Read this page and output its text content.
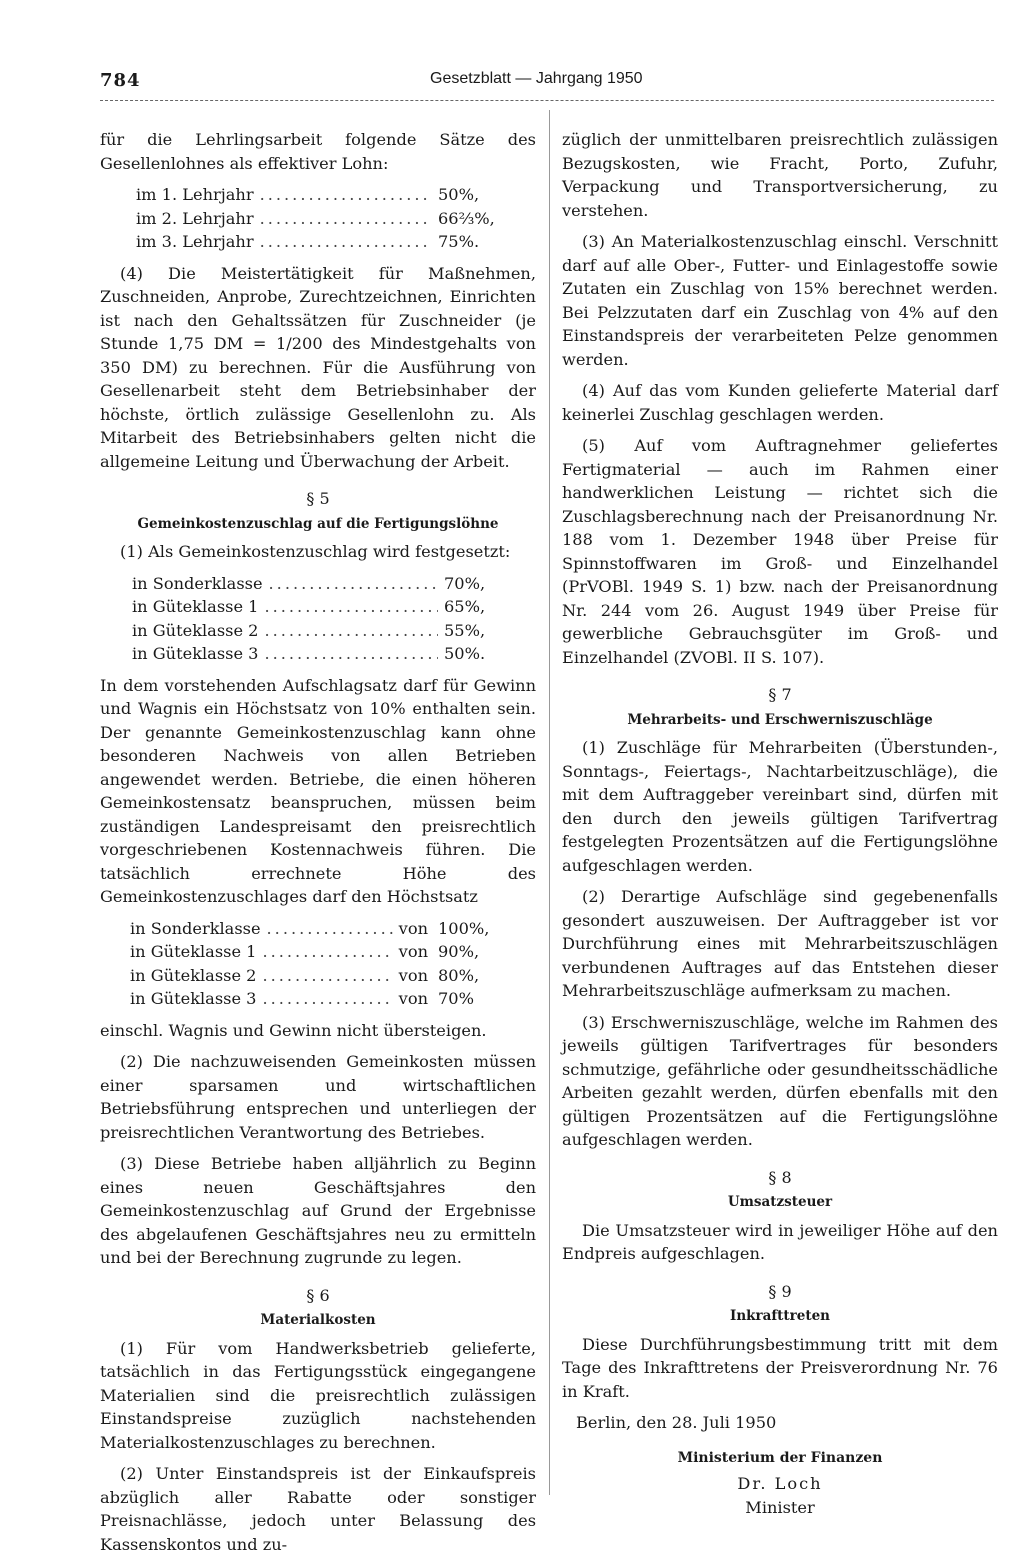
784	Gesetzblatt — Jahrgang 1950

für die Lehrlingsarbeit folgende Sätze des Gesellenlohnes als effektiver Lohn:

im 1. Lehrjahr .....	50%,
im 2. Lehrjahr .....	66⅔%,
im 3. Lehrjahr .....	75%.

(4) Die Meistertätigkeit für Maßnehmen, Zuschneiden, Anprobe, Zurechtzeichnen, Einrichten ist nach den Gehaltssätzen für Zuschneider (je Stunde 1,75 DM = 1/200 des Mindestgehalts von 350 DM) zu berechnen. Für die Ausführung von Gesellenarbeit steht dem Betriebsinhaber der höchste, örtlich zulässige Gesellenlohn zu. Als Mitarbeit des Betriebsinhabers gelten nicht die allgemeine Leitung und Überwachung der Arbeit.

§ 5
Gemeinkostenzuschlag auf die Fertigungslöhne

(1) Als Gemeinkostenzuschlag wird festgesetzt:

in Sonderklasse .....	70%,
in Güteklasse 1 .....	65%,
in Güteklasse 2 .....	55%,
in Güteklasse 3 .....	50%.

In dem vorstehenden Aufschlagsatz darf für Gewinn und Wagnis ein Höchstsatz von 10% enthalten sein. Der genannte Gemeinkostenzuschlag kann ohne besonderen Nachweis von allen Betrieben angewendet werden. Betriebe, die einen höheren Gemeinkostensatz beanspruchen, müssen beim zuständigen Landespreisamt den preisrechtlich vorgeschriebenen Kostennachweis führen. Die tatsächlich errechnete Höhe des Gemeinkostenzuschlages darf den Höchstsatz

in Sonderklasse .....	von 100%,
in Güteklasse 1 .....	von 90%,
in Güteklasse 2 .....	von 80%,
in Güteklasse 3 .....	von 70%

einschl. Wagnis und Gewinn nicht übersteigen.

(2) Die nachzuweisenden Gemeinkosten müssen einer sparsamen und wirtschaftlichen Betriebsführung entsprechen und unterliegen der preisrechtlichen Verantwortung des Betriebes.

(3) Diese Betriebe haben alljährlich zu Beginn eines neuen Geschäftsjahres den Gemeinkostenzuschlag auf Grund der Ergebnisse des abgelaufenen Geschäftsjahres neu zu ermitteln und bei der Berechnung zugrunde zu legen.

§ 6
Materialkosten

(1) Für vom Handwerksbetrieb gelieferte, tatsächlich in das Fertigungsstück eingegangene Materialien sind die preisrechtlich zulässigen Einstandspreise zuzüglich nachstehenden Materialkostenzuschlages zu berechnen.

(2) Unter Einstandspreis ist der Einkaufspreis abzüglich aller Rabatte oder sonstiger Preisnachlässe, jedoch unter Belassung des Kassenskontos und zu-

züglich der unmittelbaren preisrechtlich zulässigen Bezugskosten, wie Fracht, Porto, Zufuhr, Verpackung und Transportversicherung, zu verstehen.

(3) An Materialkostenzuschlag einschl. Verschnitt darf auf alle Ober-, Futter- und Einlagestoffe sowie Zutaten ein Zuschlag von 15% berechnet werden. Bei Pelzzutaten darf ein Zuschlag von 4% auf den Einstandspreis der verarbeiteten Pelze genommen werden.

(4) Auf das vom Kunden gelieferte Material darf keinerlei Zuschlag geschlagen werden.

(5) Auf vom Auftragnehmer geliefertes Fertigmaterial — auch im Rahmen einer handwerklichen Leistung — richtet sich die Zuschlagsberechnung nach der Preisanordnung Nr. 188 vom 1. Dezember 1948 über Preise für Spinnstoffwaren im Groß- und Einzelhandel (PrVOBl. 1949 S. 1) bzw. nach der Preisanordnung Nr. 244 vom 26. August 1949 über Preise für gewerbliche Gebrauchsgüter im Groß- und Einzelhandel (ZVOBl. II S. 107).

§ 7
Mehrarbeits- und Erschwerniszuschläge

(1) Zuschläge für Mehrarbeiten (Überstunden-, Sonntags-, Feiertags-, Nachtarbeitzuschläge), die mit dem Auftraggeber vereinbart sind, dürfen mit den durch den jeweils gültigen Tarifvertrag festgelegten Prozentsätzen auf die Fertigungslöhne aufgeschlagen werden.

(2) Derartige Aufschläge sind gegebenenfalls gesondert auszuweisen. Der Auftraggeber ist vor Durchführung eines mit Mehrarbeitszuschlägen verbundenen Auftrages auf das Entstehen dieser Mehrarbeitszuschläge aufmerksam zu machen.

(3) Erschwerniszuschläge, welche im Rahmen des jeweils gültigen Tarifvertrages für besonders schmutzige, gefährliche oder gesundheitsschädliche Arbeiten gezahlt werden, dürfen ebenfalls mit den gültigen Prozentsätzen auf die Fertigungslöhne aufgeschlagen werden.

§ 8
Umsatzsteuer

Die Umsatzsteuer wird in jeweiliger Höhe auf den Endpreis aufgeschlagen.

§ 9
Inkrafttreten

Diese Durchführungsbestimmung tritt mit dem Tage des Inkrafttretens der Preisverordnung Nr. 76 in Kraft.

Berlin, den 28. Juli 1950

Ministerium der Finanzen
Dr. Loch
Minister
